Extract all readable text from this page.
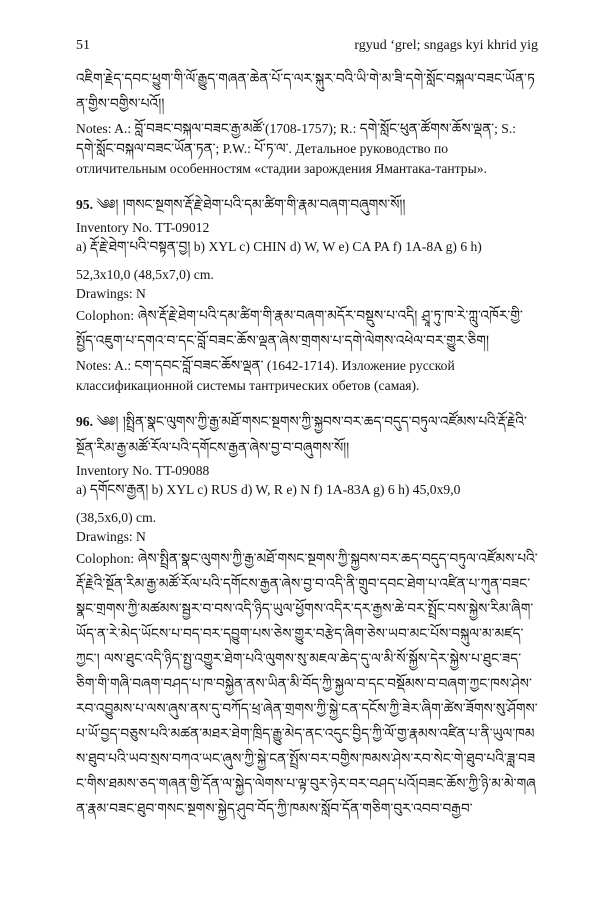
51	rgyud ‘grel; sngags kyi khrid yig

འཇིག་རྗེད་དབང་ཕྱུག་གི་ལོ་རྒྱུད་གཞན་ཆེན་པོ་ད་ལར་སྐུར་བའི་ཡི་གེ་མ་ཟི་དགེ་སློང་བསྐལ་བཟང་ཡོན་ཏན་གྱིས་བགྱིས་པའོ།།

Notes: A.: བློ་བཟང་བསྐལ་བཟང་རྒྱ་མཚོ་(1708-1757); R.: དགེ་སློང་ཕུན་ཚོགས་ཆོས་ལྡན་; S.: དགེ་སློང་བསྐལ་བཟང་ཡོན་ཏན་; P.W.: པོ་ཏ་ལ་. Детальное руководство по отличительным особенностям «стадии зарождения Ямантака-тантры».

95. ༄༅། །གསང་སྔགས་རྡོ་རྗེ་ཐེག་པའི་དམ་ཚིག་གི་རྣམ་བཞག་བཞུགས་སོ།།

Inventory No. TT-09012

a) རྡོ་རྗེ་ཐེག་པའི་བསྟན་བྱ། b) XYL c) CHIN d) W, W e) CA PA f) 1A-8A g) 6 h)

52,3x10,0 (48,5x7,0) cm.

Drawings: N

Colophon: ཞེས་རྡོ་རྗེ་ཐེག་པའི་དམ་ཚིག་གི་རྣམ་བཞག་མདོར་བསྡུས་པ་འདི། ཤྲཱ་ཏུ་ཁ་རེ་ཀླུ་འཁོར་གྱི་སྤྱོད་འཇུག་པ་དགའ་བ་དང་བློ་བཟང་ཆོས་ལྡན་ཞེས་གྲགས་པ་དགེ་ལེགས་འཕེལ་བར་གྱུར་ཅིག།

Notes: A.: ངག་དབང་བློ་བཟང་ཆོས་ལྡན་ (1642-1714). Изложение русской классификационной системы тантрических обетов (самая).

96. ༄༅། །སྤྲིན་སྣང་ལུགས་ཀྱི་རྒྱ་མཐོ་གསང་སྔགས་ཀྱི་སྐྱབས་བར་ཆད་བདུད་བཏུལ་འཛོམས་པའི་རྡོ་རྗེའི་སྔོན་རིམ་རྒྱ་མཚོ་རོལ་པའི་དགོངས་རྒྱན་ཞེས་བྱ་བ་བཞུགས་སོ།།

Inventory No. TT-09088

a) དགོངས་རྒྱན། b) XYL c) RUS d) W, R e) N f) 1A-83A g) 6 h) 45,0x9,0

(38,5x6,0) cm.

Drawings: N

Colophon: ཞེས་སྤྲིན་སྣང་ལུགས་ཀྱི་རྒྱ་མཐོ་གསང་སྔགས་ཀྱི་སྐྱབས་བར་ཆད་བདུད་བཏུལ་འཛོམས་པའི་རྡོ་རྗེའི་སྔོན་རིམ་རྒྱ་མཚོ་རོལ་པའི་དགོངས་རྒྱན་ཞེས་བྱ་བ་འདི་ནི་གྲུབ་དབང་ཐེག་པ་འཛིན་པ་ཀུན་བཟང་སྣང་གྲགས་ཀྱི་མཚམས་སྦྱར་བ་བས་འདི་ཉིད་ཡུལ་ཕྱོགས་འདིར་དར་རྒྱས་ཆེ་བར་སྤྲོང་བས་སྐྱེས་རིམ་ཞིག་ཡོད་ན་རེ་མེད་ཡོངས་པ་བད་བར་དབྱུག་པས་ཅེས་གྱུར་བརྩེད་ཞིག་ཅེས་ཡབ་མང་པོས་བསྐུལ་མ་མཛད་ཀྱང་། ལས་ཐུང་འདི་ཉིད་སྤྱ་འགྱུར་ཐེག་པའི་ལུགས་སུ་མཇལ་ཆེད་དུ་ལ་མི་སོ་སྐྱོས་དེར་སྐྱེས་པ་ཐུང་ཟད་ཅིག་གི་གཞི་བཞག་བཤད་པ་ཁ་བསྐྱེན་ནས་ཡིན་མི་བོད་ཀྱི་སྐྱལ་བ་དང་བསྡོམས་བ་བཞག་ཀྱང་ཁས་ཤེས་རབ་འབྱུམས་པ་ལས་ཞུས་ནས་དུ་བཀོད་ཕྲ་ཞེན་གྲགས་ཀྱི་སྐྱེ་ངན་དངོས་ཀྱི་ཟེར་ཞིག་ཚེས་ཟོགས་སུ་ཤོགས་པ་ཡོ་བྱད་བཅུས་པའི་མཚན་མཐར་ཐེག་ཁྲིད་རྒྱུ་མེད་ནང་འདུང་བྱིད་ཀྱི་ལོ་གྱ་རྣམས་འཛིན་པ་ནི་ཡུལ་ཁམས་ཐུབ་པའི་ཡབ་སྲས་བཀའ་ཡང་ཞུས་ཀྱི་སྐྱེ་ངན་སྤྲོས་བར་བགྱིས་ཁམས་ཤེས་རབ་སེང་གེ་ཐུབ་པའི་ཟླ་བཟང་གིས་ཐམས་ཅད་གཞན་གྱི་དོན་ལ་སྐྱེད་ལེགས་པ་ལྟ་བུར་ཉེར་བར་བཤད་པའོ།བཟང་ཆོས་ཀྱི་ཉི་མ་མེ་གཞན་རྣམ་བཟང་ཐུབ་གསང་སྔགས་སྐྱེད་ཤུབ་བོད་ཀྱི་ཁམས་སློབ་དོན་གཅིག་བུར་འབབ་བརྒྱབ་
